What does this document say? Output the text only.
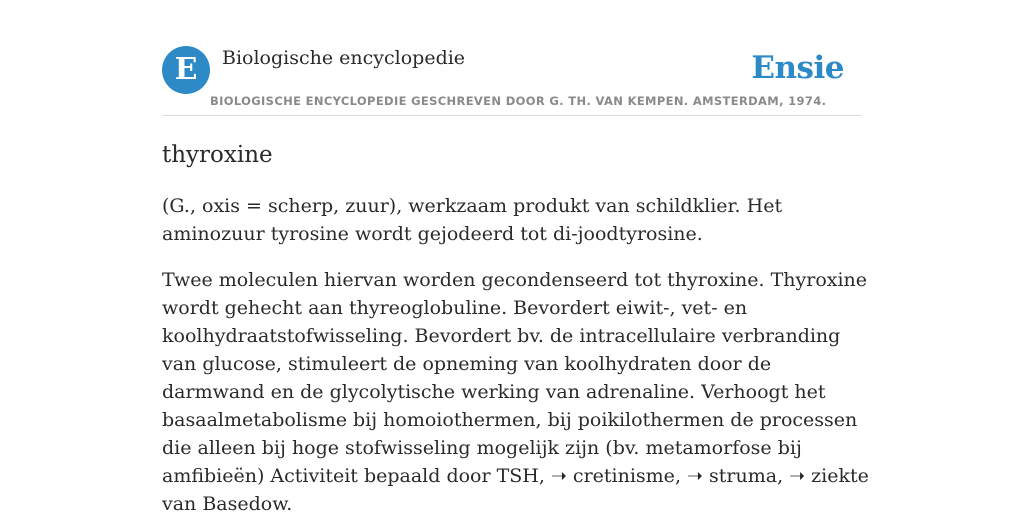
E Biologische encyclopedie	Ensie
BIOLOGISCHE ENCYCLOPEDIE GESCHREVEN DOOR G. TH. VAN KEMPEN. AMSTERDAM, 1974.
thyroxine

(G., oxis = scherp, zuur), werkzaam produkt van schildklier. Het aminozuur tyrosine wordt gejodeerd tot di-joodtyrosine.

Twee moleculen hiervan worden gecondenseerd tot thyroxine. Thyroxine wordt gehecht aan thyreoglobuline. Bevordert eiwit-, vet- en koolhydraatstofwisseling. Bevordert bv. de intracellulaire verbranding van glucose, stimuleert de opneming van koolhydraten door de darmwand en de glycolytische werking van adrenaline. Verhoogt het basaalmetabolisme bij homoiothermen, bij poikilothermen de processen die alleen bij hoge stofwisseling mogelijk zijn (bv. metamorfose bij amfibieën) Activiteit bepaald door TSH, ➝ cretinisme, ➝ struma, ➝ ziekte van Basedow.
